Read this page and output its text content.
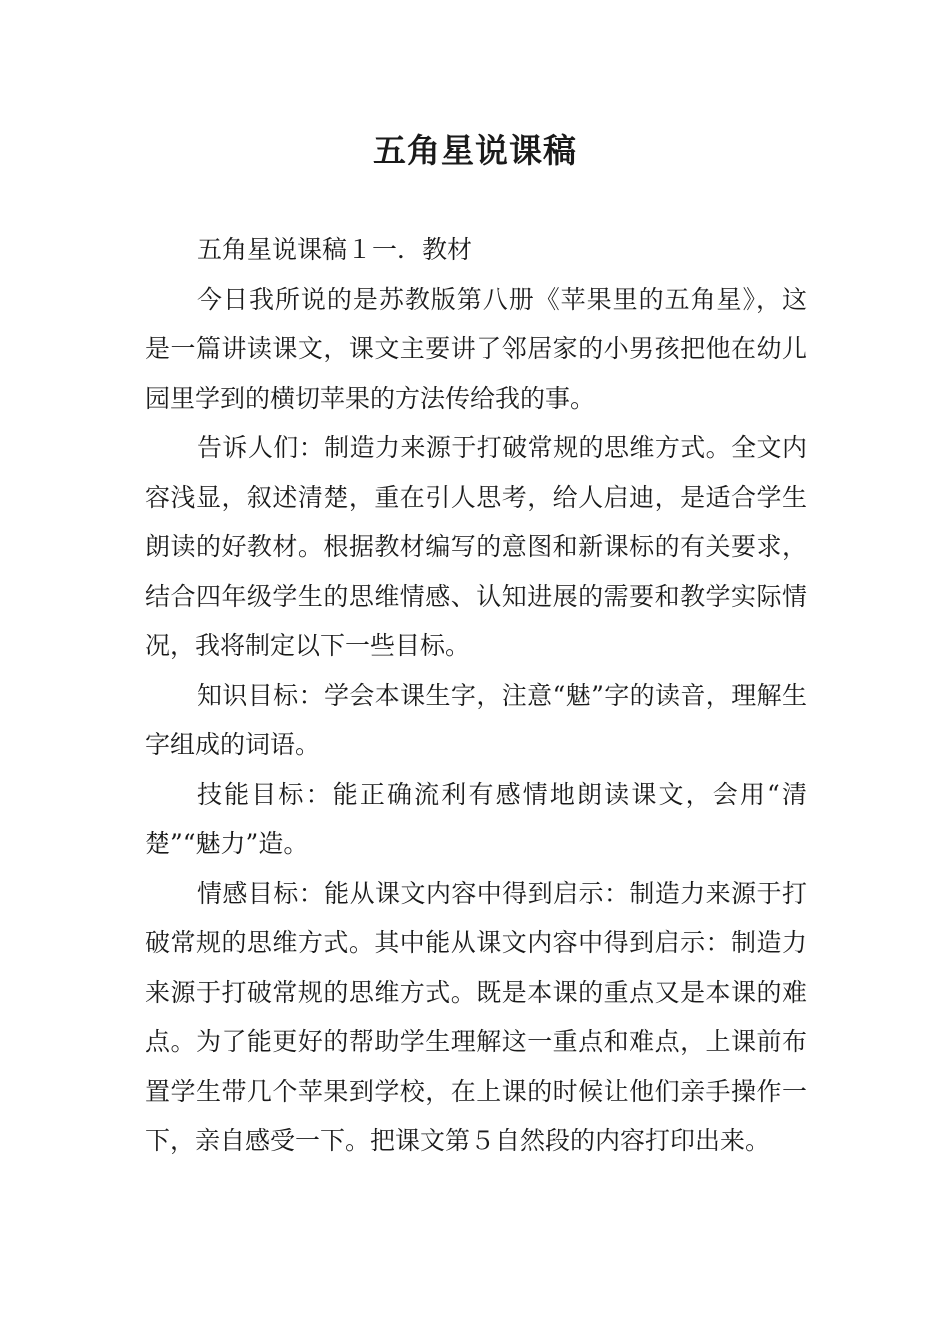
五角星说课稿

五角星说课稿１一．教材

今日我所说的是苏教版第八册《苹果里的五角星》，这是一篇讲读课文，课文主要讲了邻居家的小男孩把他在幼儿园里学到的横切苹果的方法传给我的事。

告诉人们：制造力来源于打破常规的思维方式。全文内容浅显，叙述清楚，重在引人思考，给人启迪，是适合学生朗读的好教材。根据教材编写的意图和新课标的有关要求，结合四年级学生的思维情感、认知进展的需要和教学实际情况，我将制定以下一些目标。

知识目标：学会本课生字，注意“魅”字的读音，理解生字组成的词语。

技能目标：能正确流利有感情地朗读课文，会用“清楚”“魅力”造。

情感目标：能从课文内容中得到启示：制造力来源于打破常规的思维方式。其中能从课文内容中得到启示：制造力来源于打破常规的思维方式。既是本课的重点又是本课的难点。为了能更好的帮助学生理解这一重点和难点，上课前布置学生带几个苹果到学校，在上课的时候让他们亲手操作一下，亲自感受一下。把课文第５自然段的内容打印出来。
